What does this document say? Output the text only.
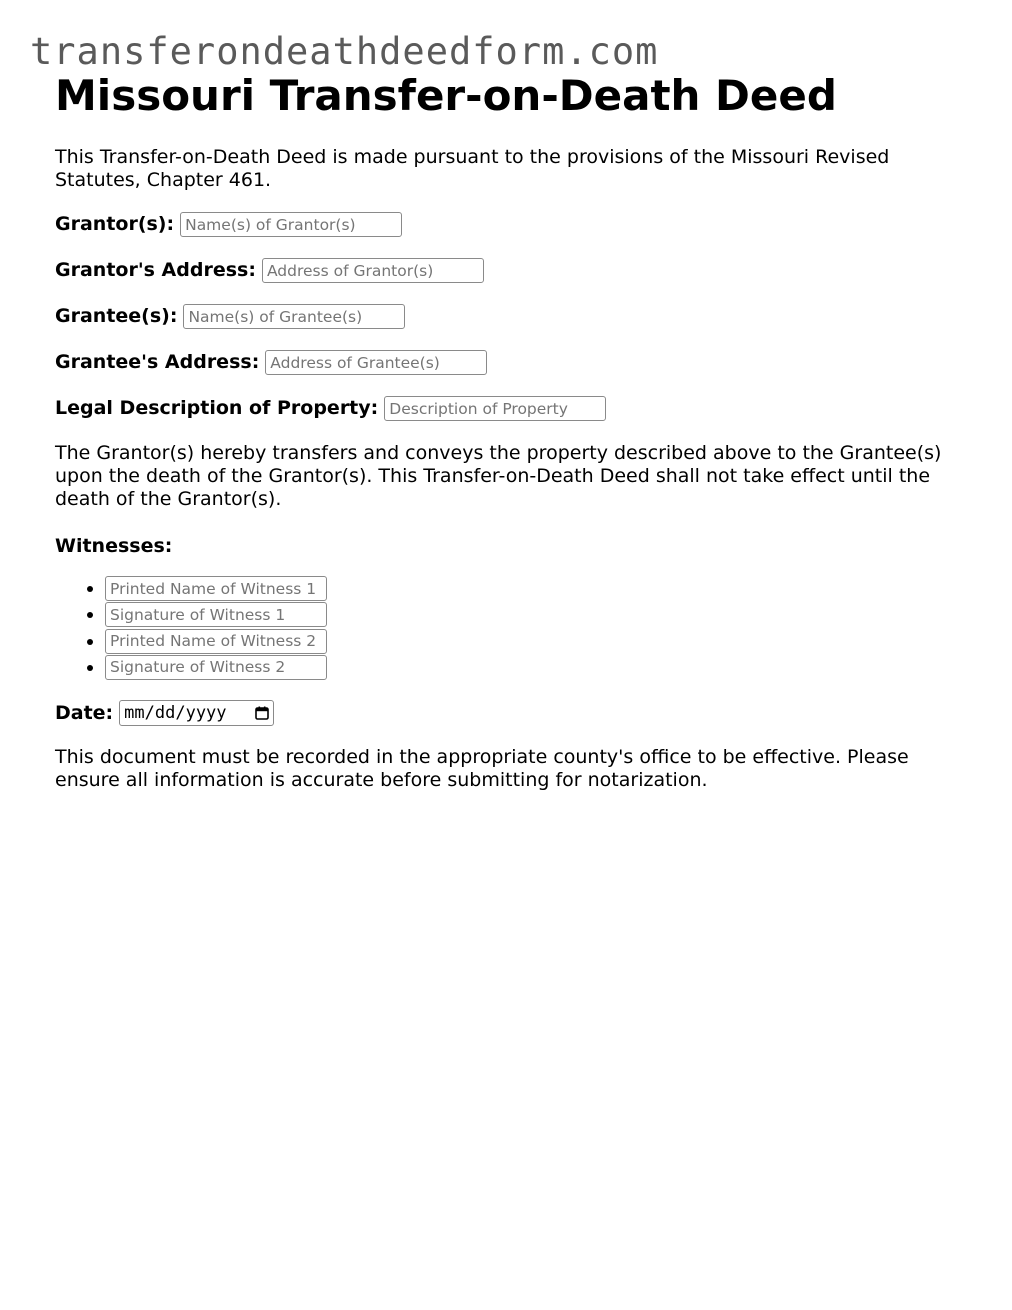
transferondeathdeedform.com
Missouri Transfer-on-Death Deed

This Transfer-on-Death Deed is made pursuant to the provisions of the Missouri Revised Statutes, Chapter 461.

Grantor(s):
Name(s) of Grantor(s)
Grantor's Address:
Address of Grantor(s)
Grantee(s):
Name(s) of Grantee(s)
Grantee's Address:
Address of Grantee(s)
Legal Description of Property:
Description of Property

The Grantor(s) hereby transfers and conveys the property described above to the Grantee(s) upon the death of the Grantor(s). This Transfer-on-Death Deed shall not take effect until the death of the Grantor(s).

Witnesses:
• Printed Name of Witness 1
• Signature of Witness 1
• Printed Name of Witness 2
• Signature of Witness 2
Date: mm/dd/yyyy

This document must be recorded in the appropriate county's office to be effective. Please ensure all information is accurate before submitting for notarization.
